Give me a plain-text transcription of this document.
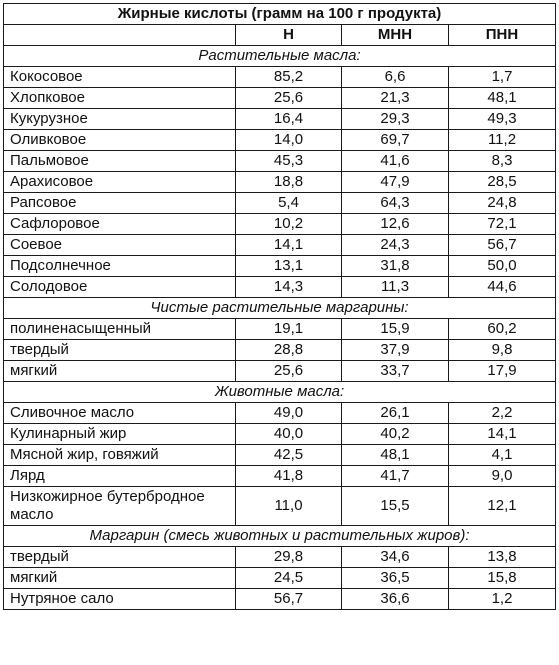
Жирные кислоты (грамм на 100 г продукта)			
	Н	МНН	ПНН
Растительные масла:			
Кокосовое	85,2	6,6	1,7
Хлопковое	25,6	21,3	48,1
Кукурузное	16,4	29,3	49,3
Оливковое	14,0	69,7	11,2
Пальмовое	45,3	41,6	8,3
Арахисовое	18,8	47,9	28,5
Рапсовое	5,4	64,3	24,8
Сафлоровое	10,2	12,6	72,1
Соевое	14,1	24,3	56,7
Подсолнечное	13,1	31,8	50,0
Солодовое	14,3	11,3	44,6
Чистые растительные маргарины:			
полиненасыщенный	19,1	15,9	60,2
твердый	28,8	37,9	9,8
мягкий	25,6	33,7	17,9
Животные масла:			
Сливочное масло	49,0	26,1	2,2
Кулинарный жир	40,0	40,2	14,1
Мясной жир, говяжий	42,5	48,1	4,1
Лярд	41,8	41,7	9,0
Низкожирное бутербродное масло	11,0	15,5	12,1
Маргарин (смесь животных и растительных жиров):			
твердый	29,8	34,6	13,8
мягкий	24,5	36,5	15,8
Нутряное сало	56,7	36,6	1,2
